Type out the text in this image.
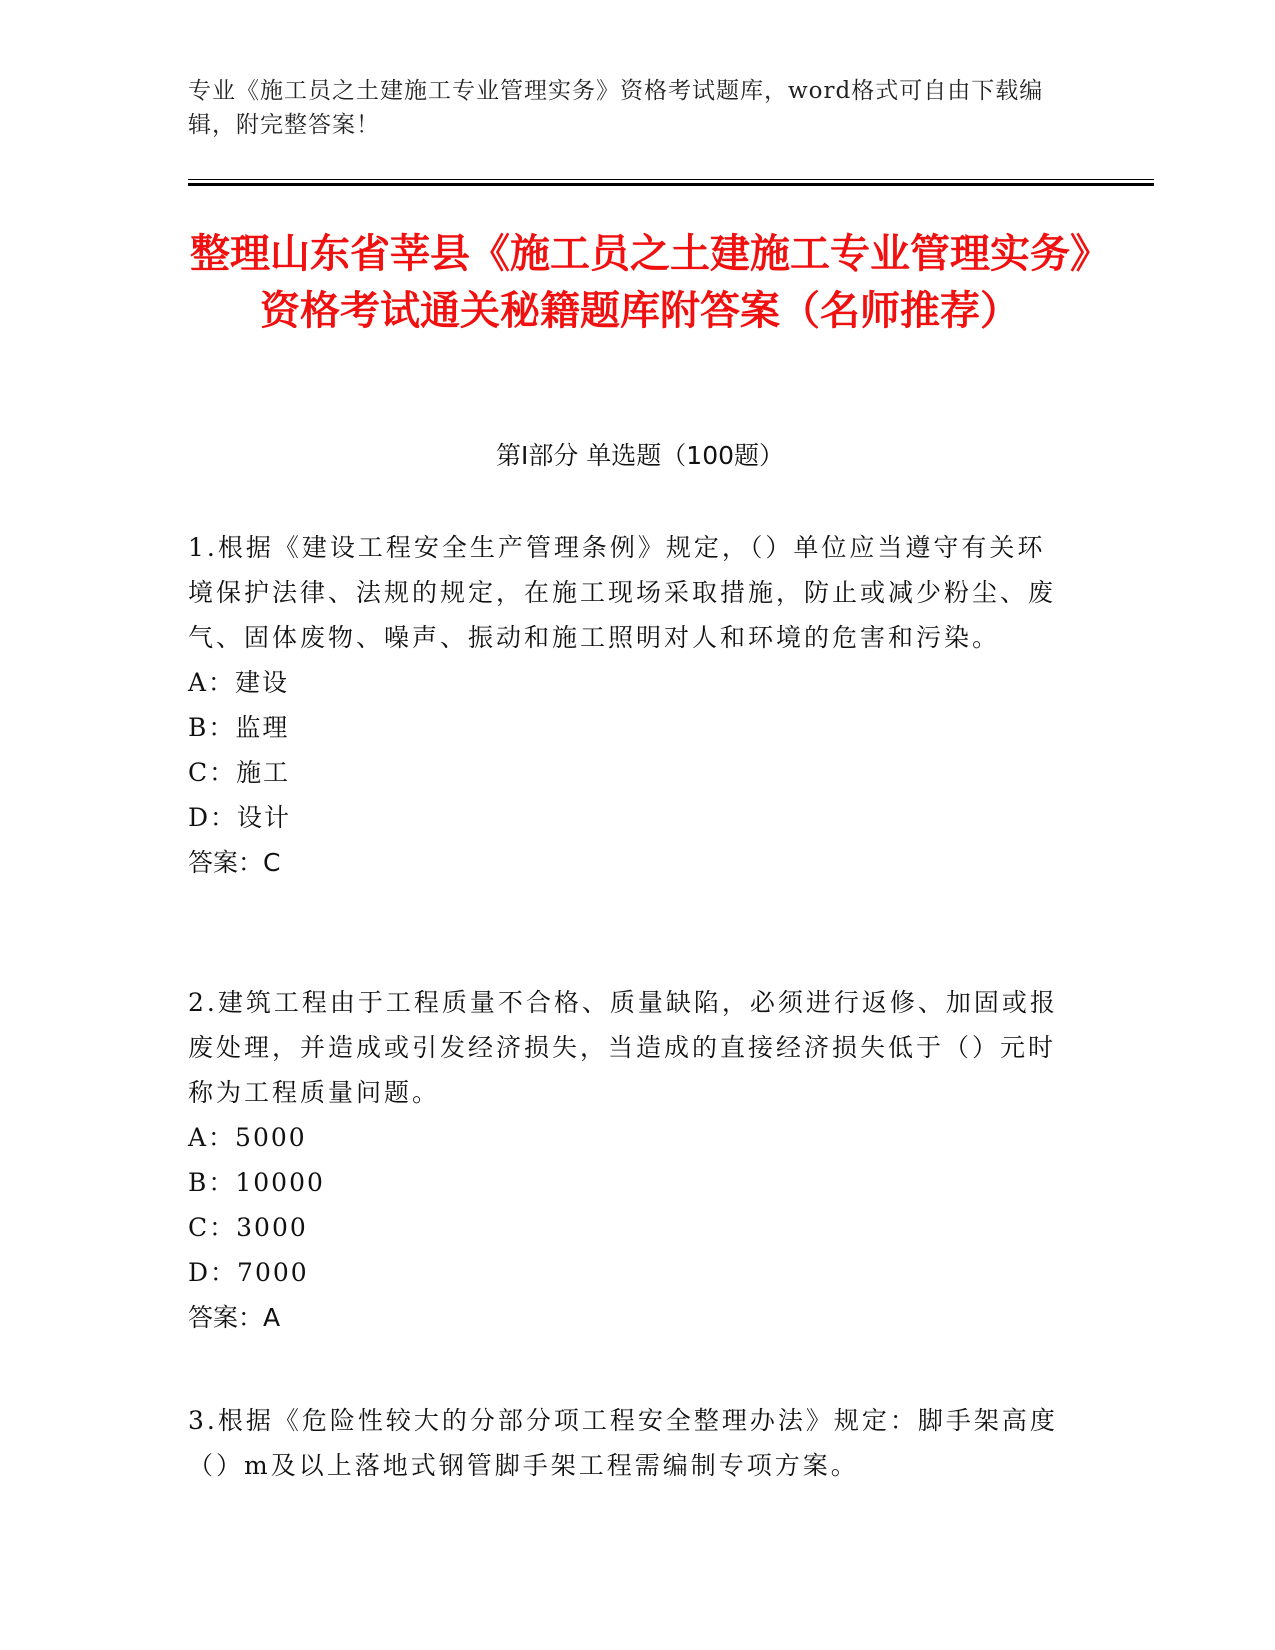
专业《施工员之土建施工专业管理实务》资格考试题库，word格式可自由下载编辑，附完整答案！
整理山东省莘县《施工员之土建施工专业管理实务》资格考试通关秘籍题库附答案（名师推荐）
第Ⅰ部分 单选题（100题）

1.根据《建设工程安全生产管理条例》规定，（）单位应当遵守有关环境保护法律、法规的规定，在施工现场采取措施，防止或减少粉尘、废气、固体废物、噪声、振动和施工照明对人和环境的危害和污染。

A：建设

B：监理

C：施工

D：设计

答案：C

2.建筑工程由于工程质量不合格、质量缺陷，必须进行返修、加固或报废处理，并造成或引发经济损失，当造成的直接经济损失低于（）元时称为工程质量问题。

A：5000

B：10000

C：3000

D：7000

答案：A

3.根据《危险性较大的分部分项工程安全整理办法》规定：脚手架高度（）m及以上落地式钢管脚手架工程需编制专项方案。
